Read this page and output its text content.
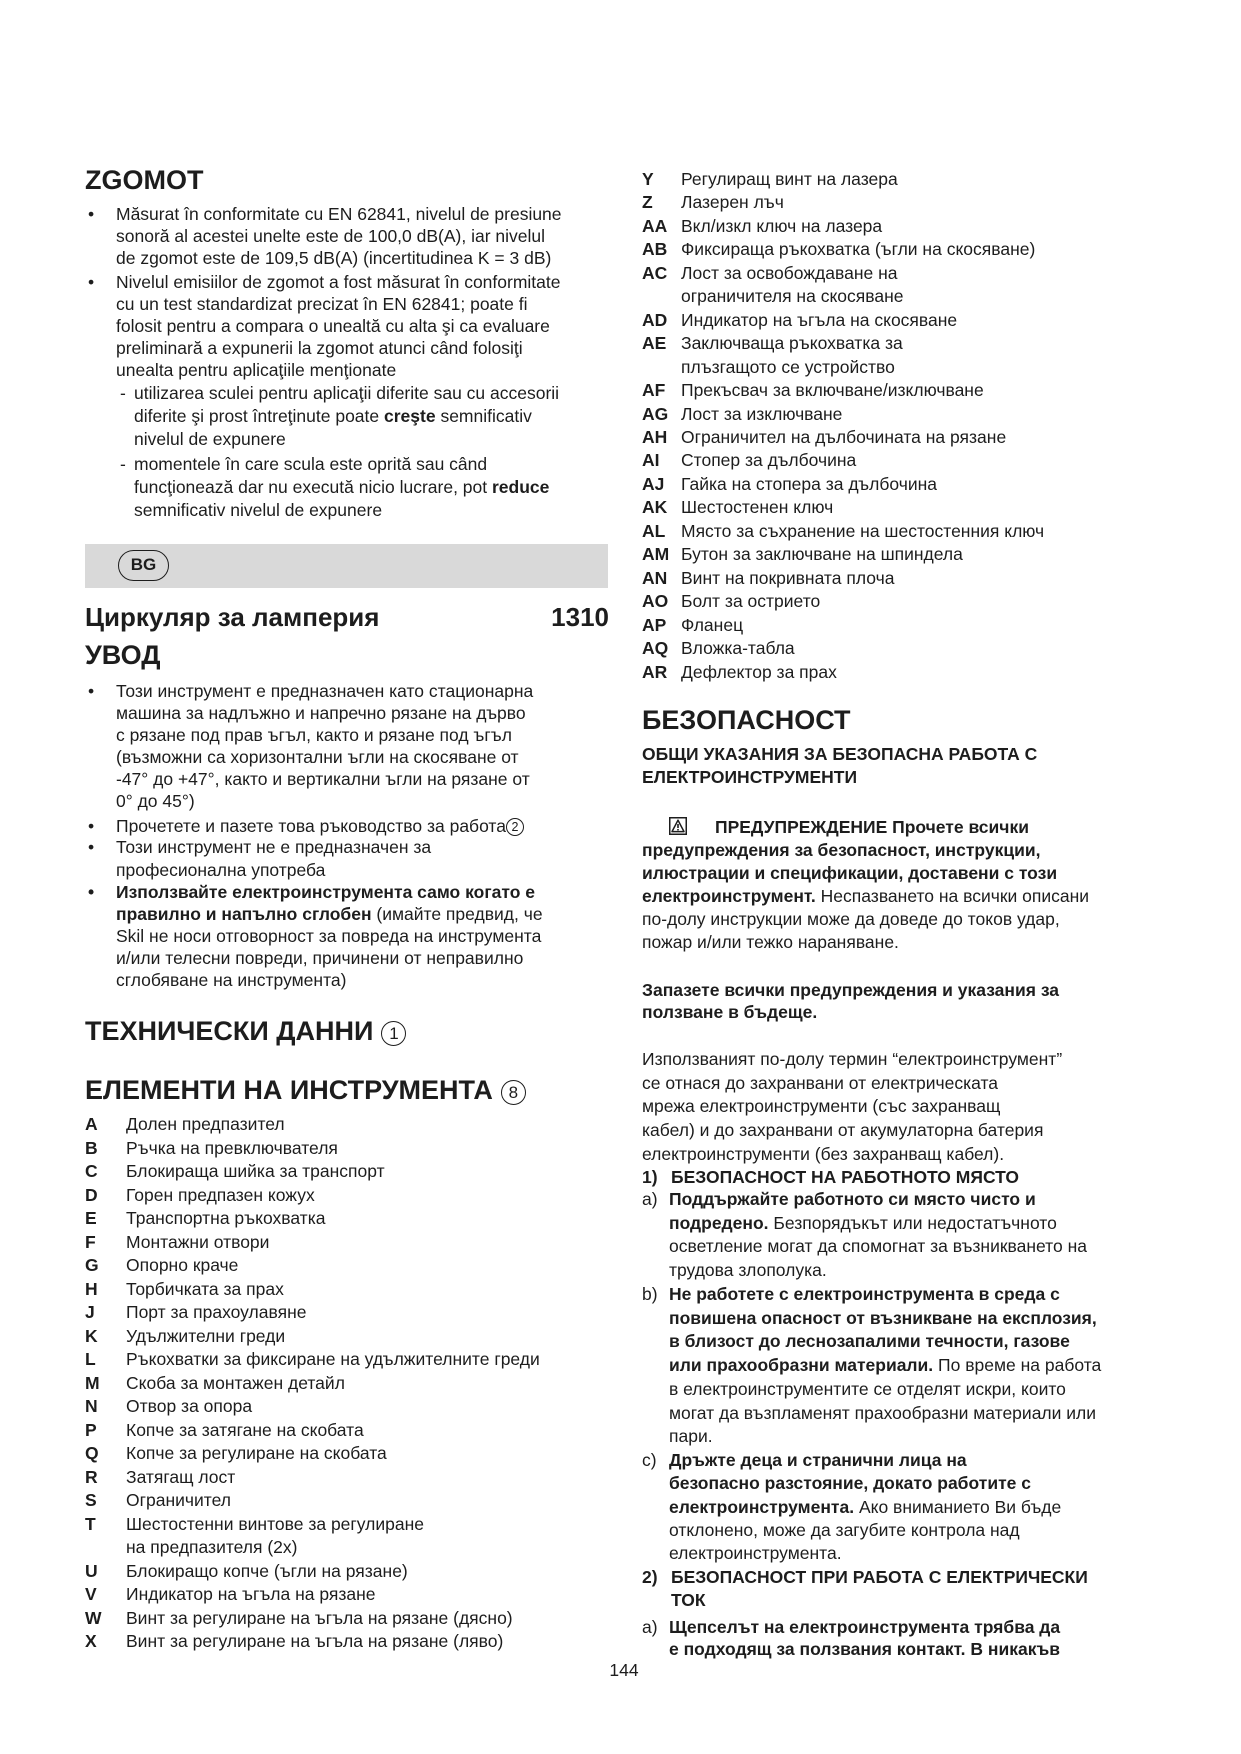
ZGOMOT
• Măsurat în conformitate cu EN 62841, nivelul de presiune
sonoră al acestei unelte este de 100,0 dB(A), iar nivelul
de zgomot este de 109,5 dB(A) (incertitudinea K = 3 dB)
• Nivelul emisiilor de zgomot a fost măsurat în conformitate
cu un test standardizat precizat în EN 62841; poate fi
folosit pentru a compara o unealtă cu alta şi ca evaluare
preliminară a expunerii la zgomot atunci când folosiţi
unealta pentru aplicaţiile menţionate
- utilizarea sculei pentru aplicaţii diferite sau cu accesorii
diferite şi prost întreţinute poate creşte semnificativ
nivelul de expunere
- momentele în care scula este oprită sau când
funcţionează dar nu execută nicio lucrare, pot reduce
semnificativ nivelul de expunere
BG
Циркуляр за ламперия	1310
УВОД
• Този инструмент е предназначен като стационарна
машина за надлъжно и напречно рязане на дърво
с рязане под прав ъгъл, както и рязане под ъгъл
(възможни са хоризонтални ъгли на скосяване от
-47° до +47°, както и вертикални ъгли на рязане от
0° до 45°)
• Прочетете и пазете това ръководство за работа 2
• Този инструмент не е предназначен за
професионална употреба
• Използвайте електроинструмента само когато е
правилно и напълно сглобен (имайте предвид, че
Skil не носи отговорност за повреда на инструмента
и/или телесни повреди, причинени от неправилно
сглобяване на инструмента)
ТЕХНИЧЕСКИ ДАННИ 1
ЕЛЕМЕНТИ НА ИНСТРУМЕНТА 8
A Долен предпазител
B Ръчка на превключвателя
C Блокираща шийка за транспорт
D Горен предпазен кожух
E Транспортна ръкохватка
F Монтажни отвори
G Опорно краче
H Торбичката за прах
J Порт за прахоулавяне
K Удължителни греди
L Ръкохватки за фиксиране на удължителните греди
M Скоба за монтажен детайл
N Отвор за опора
P Копче за затягане на скобата
Q Копче за регулиране на скобата
R Затягащ лост
S Ограничител
T Шестостенни винтове за регулиране
на предпазителя (2x)
U Блокиращо копче (ъгли на рязане)
V Индикатор на ъгъла на рязане
W Винт за регулиране на ъгъла на рязане (дясно)
X Винт за регулиране на ъгъла на рязане (ляво)
Y Регулиращ винт на лазера
Z Лазерен лъч
AA Вкл/изкл ключ на лазера
AB Фиксираща ръкохватка (ъгли на скосяване)
AC Лост за освобождаване на
ограничителя на скосяване
AD Индикатор на ъгъла на скосяване
AE Заключваща ръкохватка за
плъзгащото се устройство
AF Прекъсвач за включване/изключване
AG Лост за изключване
AH Ограничител на дълбочината на рязане
AI Стопер за дълбочина
AJ Гайка на стопера за дълбочина
AK Шестостенен ключ
AL Място за съхранение на шестостенния ключ
AM Бутон за заключване на шпиндела
AN Винт на покривната плоча
AO Болт за острието
AP Фланец
AQ Вложка-табла
AR Дефлектор за прах
БЕЗОПАСНОСТ
ОБЩИ УКАЗАНИЯ ЗА БЕЗОПАСНА РАБОТА С
ЕЛЕКТРОИНСТРУМЕНТИ
ПРЕДУПРЕЖДЕНИЕ Прочете всички
предупреждения за безопасност, инструкции,
илюстрации и спецификации, доставени с този
електроинструмент. Неспазването на всички описани
по-долу инструкции може да доведе до токов удар,
пожар и/или тежко нараняване.
Запазете всички предупреждения и указания за
ползване в бъдеще.
Използваният по-долу термин “електроинструмент”
се отнася до захранвани от електрическата
мрежа електроинструменти (със захранващ
кабел) и до захранвани от акумулаторна батерия
електроинструменти (без захранващ кабел).
1) БЕЗОПАСНОСТ НА РАБОТНОТО МЯСТО
a) Поддържайте работното си място чисто и
подредено. Безпорядъкът или недостатъчното
осветление могат да спомогнат за възникването на
трудова злополука.
b) Не работете с електроинструмента в среда с
повишена опасност от възникване на експлозия,
в близост до леснозапалими течности, газове
или прахообразни материали. По време на работа
в електроинструментите се отделят искри, които
могат да възпламенят прахообразни материали или
пари.
c) Дръжте деца и странични лица на
безопасно разстояние, докато работите с
електроинструмента. Ако вниманието Ви бъде
отклонено, може да загубите контрола над
електроинструмента.
2) БЕЗОПАСНОСТ ПРИ РАБОТА С ЕЛЕКТРИЧЕСКИ
ТОК
a) Щепселът на електроинструмента трябва да
е подходящ за ползвания контакт. В никакъв
144
